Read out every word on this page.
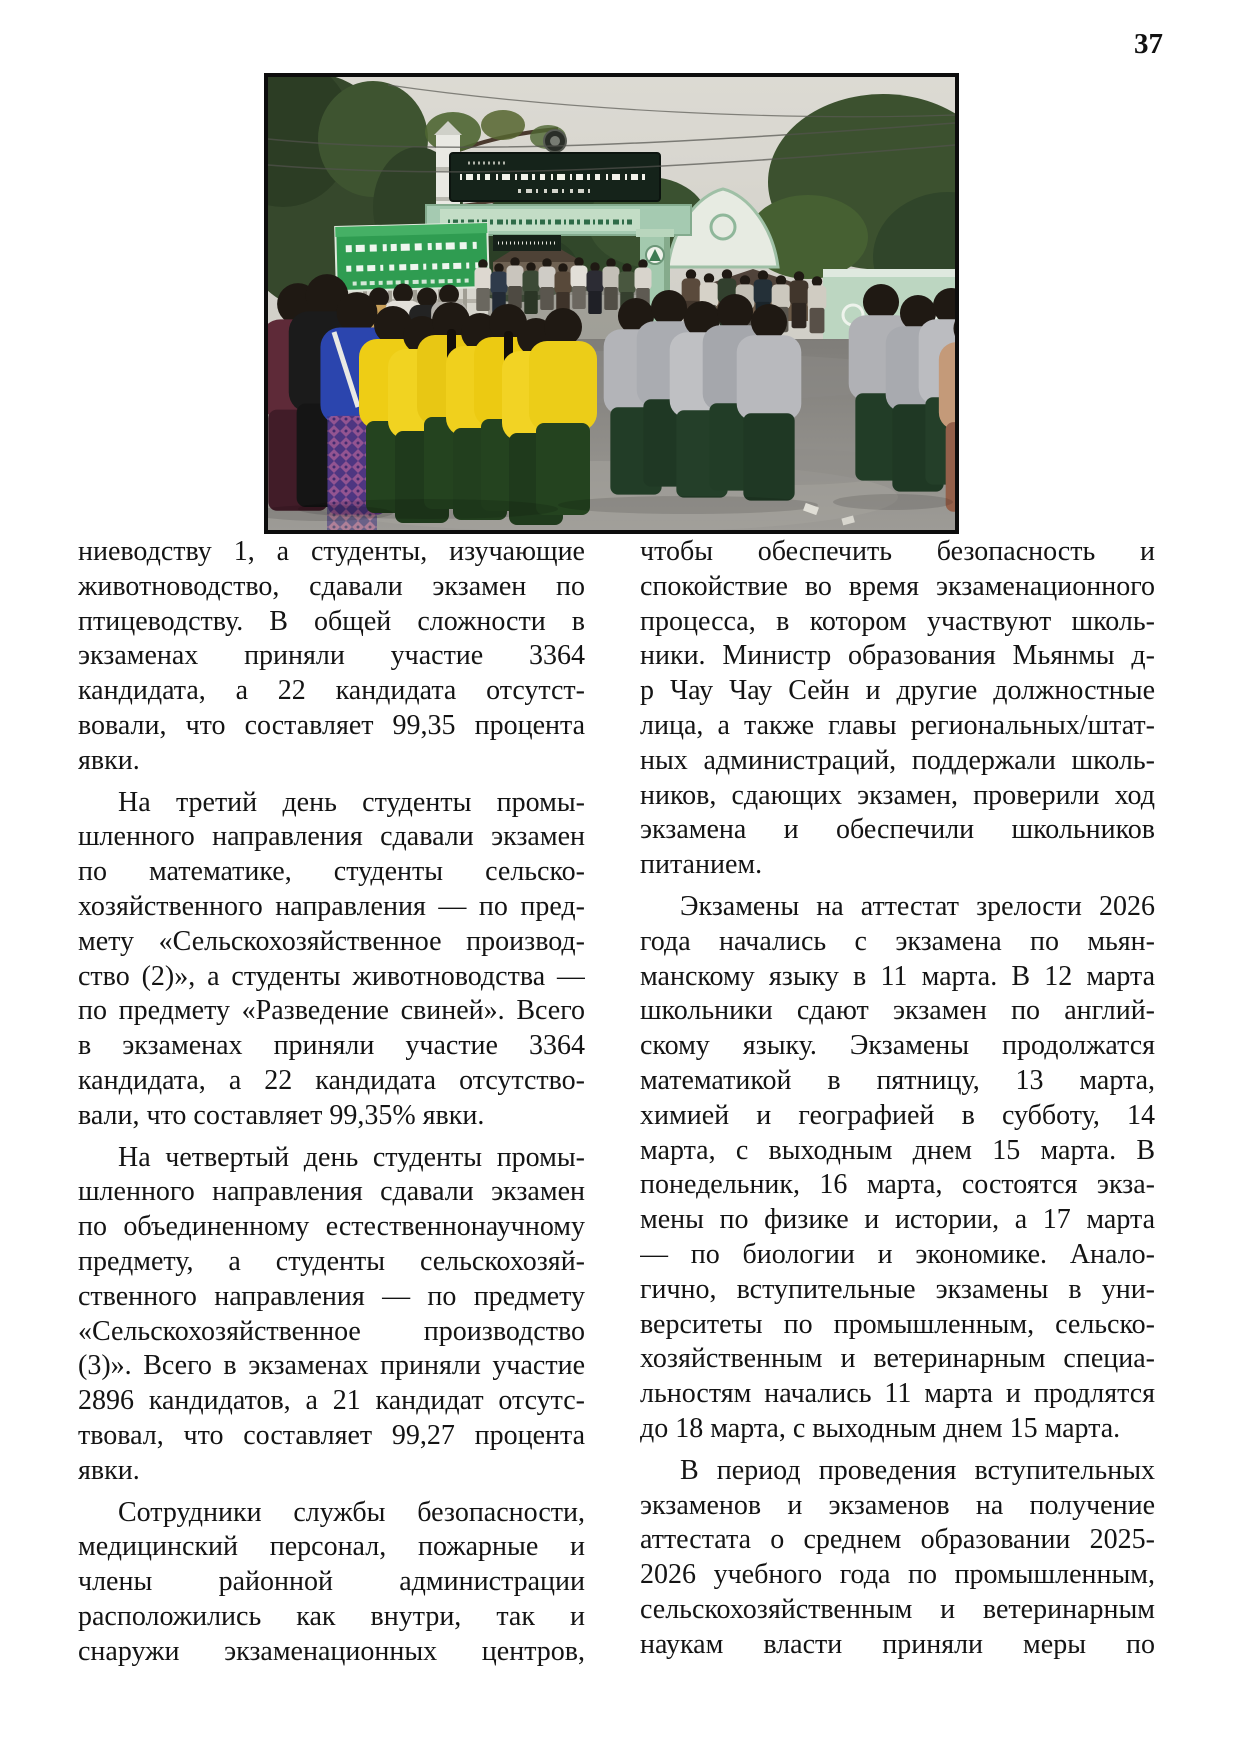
37
ниеводству 1, а студенты, изучающие
животноводство, сдавали экзамен по
птицеводству. В общей сложности в
экзаменах приняли участие 3364
кандидата, а 22 кандидата отсутст-
вовали, что составляет 99,35 процента
явки.
На третий день студенты промы-
шленного направления сдавали экзамен
по математике, студенты сельско-
хозяйственного направления — по пред-
мету «Сельскохозяйственное производ-
ство (2)», а студенты животноводства —
по предмету «Разведение свиней». Всего
в экзаменах приняли участие 3364
кандидата, а 22 кандидата отсутство-
вали, что составляет 99,35% явки.
На четвертый день студенты промы-
шленного направления сдавали экзамен
по объединенному естественнонаучному
предмету, а студенты сельскохозяй-
ственного направления — по предмету
«Сельскохозяйственное производство
(3)». Всего в экзаменах приняли участие
2896 кандидатов, а 21 кандидат отсутс-
твовал, что составляет 99,27 процента
явки.
Сотрудники службы безопасности,
медицинский персонал, пожарные и
члены районной администрации
расположились как внутри, так и
снаружи экзаменационных центров,
чтобы обеспечить безопасность и
спокойствие во время экзаменационного
процесса, в котором участвуют школь-
ники. Министр образования Мьянмы д-
р Чау Чау Сейн и другие должностные
лица, а также главы региональных/штат-
ных администраций, поддержали школь-
ников, сдающих экзамен, проверили ход
экзамена и обеспечили школьников
питанием.
Экзамены на аттестат зрелости 2026
года начались с экзамена по мьян-
манскому языку в 11 марта. В 12 марта
школьники сдают экзамен по англий-
скому языку. Экзамены продолжатся
математикой в пятницу, 13 марта,
химией и географией в субботу, 14
марта, с выходным днем 15 марта. В
понедельник, 16 марта, состоятся экза-
мены по физике и истории, а 17 марта
— по биологии и экономике. Анало-
гично, вступительные экзамены в уни-
верситеты по промышленным, сельско-
хозяйственным и ветеринарным специа-
льностям начались 11 марта и продлятся
до 18 марта, с выходным днем 15 марта.
В период проведения вступительных
экзаменов и экзаменов на получение
аттестата о среднем образовании 2025-
2026 учебного года по промышленным,
сельскохозяйственным и ветеринарным
наукам власти приняли меры по
